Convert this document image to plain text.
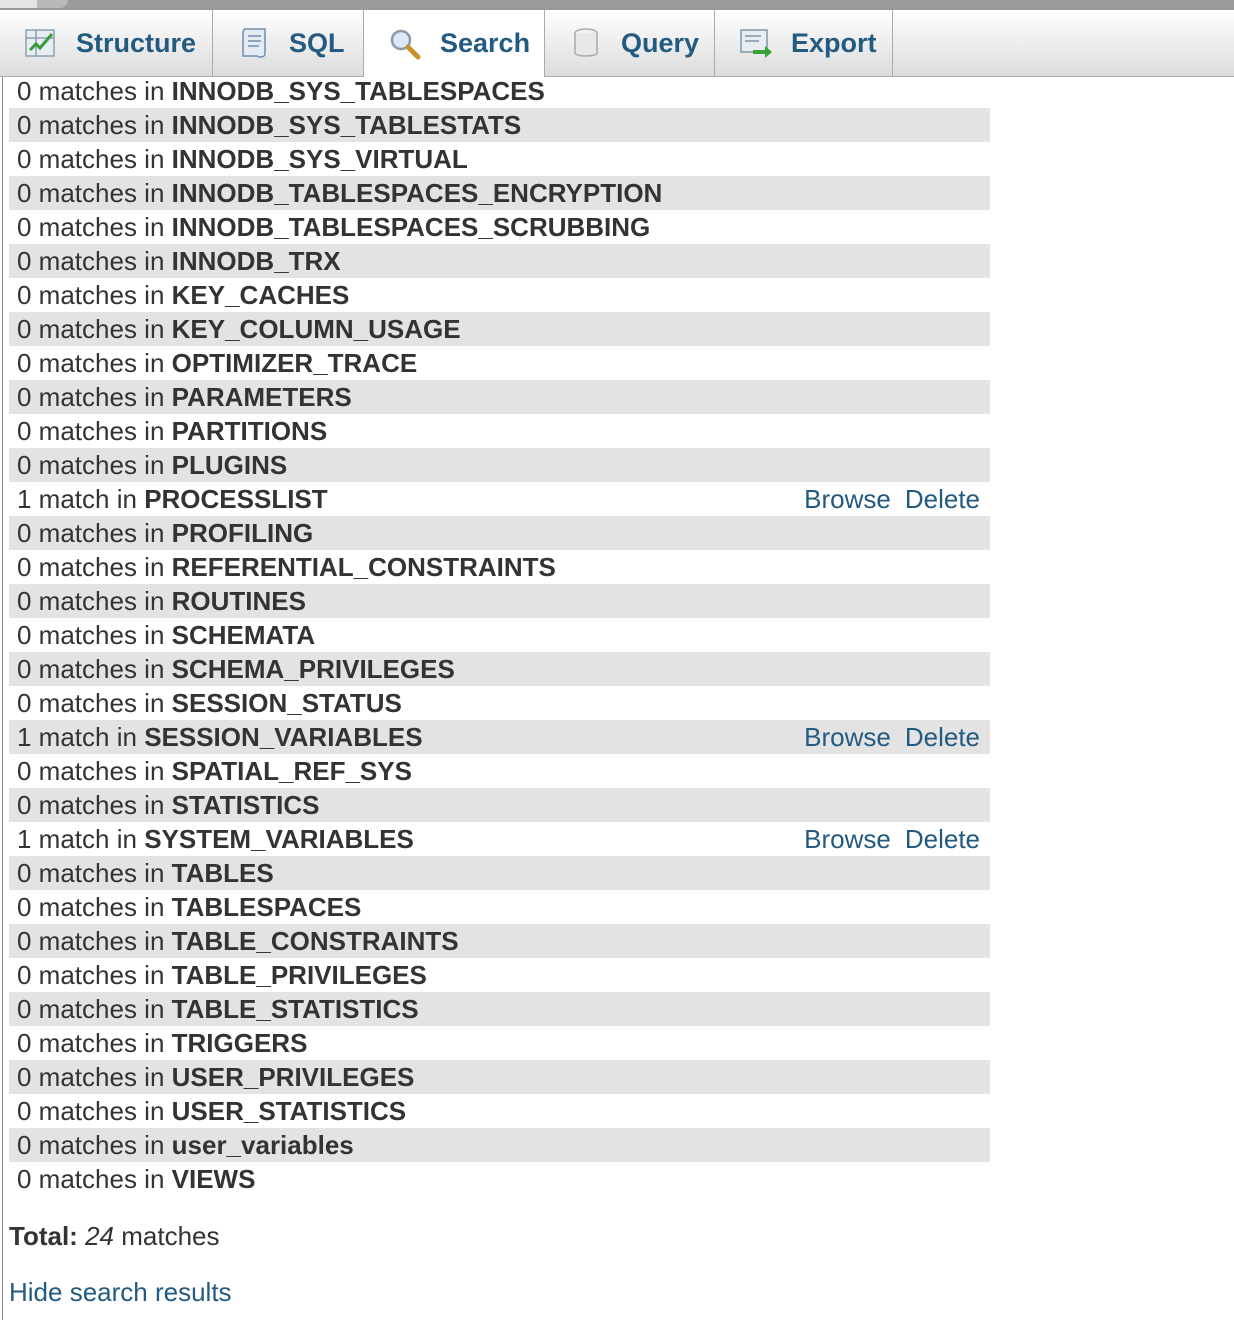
Structure	SQL	Search	Query	Export
0 matches in INNODB_SYS_TABLESPACES
0 matches in INNODB_SYS_TABLESTATS
0 matches in INNODB_SYS_VIRTUAL
0 matches in INNODB_TABLESPACES_ENCRYPTION
0 matches in INNODB_TABLESPACES_SCRUBBING
0 matches in INNODB_TRX
0 matches in KEY_CACHES
0 matches in KEY_COLUMN_USAGE
0 matches in OPTIMIZER_TRACE
0 matches in PARAMETERS
0 matches in PARTITIONS
0 matches in PLUGINS
1 match in PROCESSLIST	Browse Delete
0 matches in PROFILING
0 matches in REFERENTIAL_CONSTRAINTS
0 matches in ROUTINES
0 matches in SCHEMATA
0 matches in SCHEMA_PRIVILEGES
0 matches in SESSION_STATUS
1 match in SESSION_VARIABLES	Browse Delete
0 matches in SPATIAL_REF_SYS
0 matches in STATISTICS
1 match in SYSTEM_VARIABLES	Browse Delete
0 matches in TABLES
0 matches in TABLESPACES
0 matches in TABLE_CONSTRAINTS
0 matches in TABLE_PRIVILEGES
0 matches in TABLE_STATISTICS
0 matches in TRIGGERS
0 matches in USER_PRIVILEGES
0 matches in USER_STATISTICS
0 matches in user_variables
0 matches in VIEWS
Total: 24 matches
Hide search results
